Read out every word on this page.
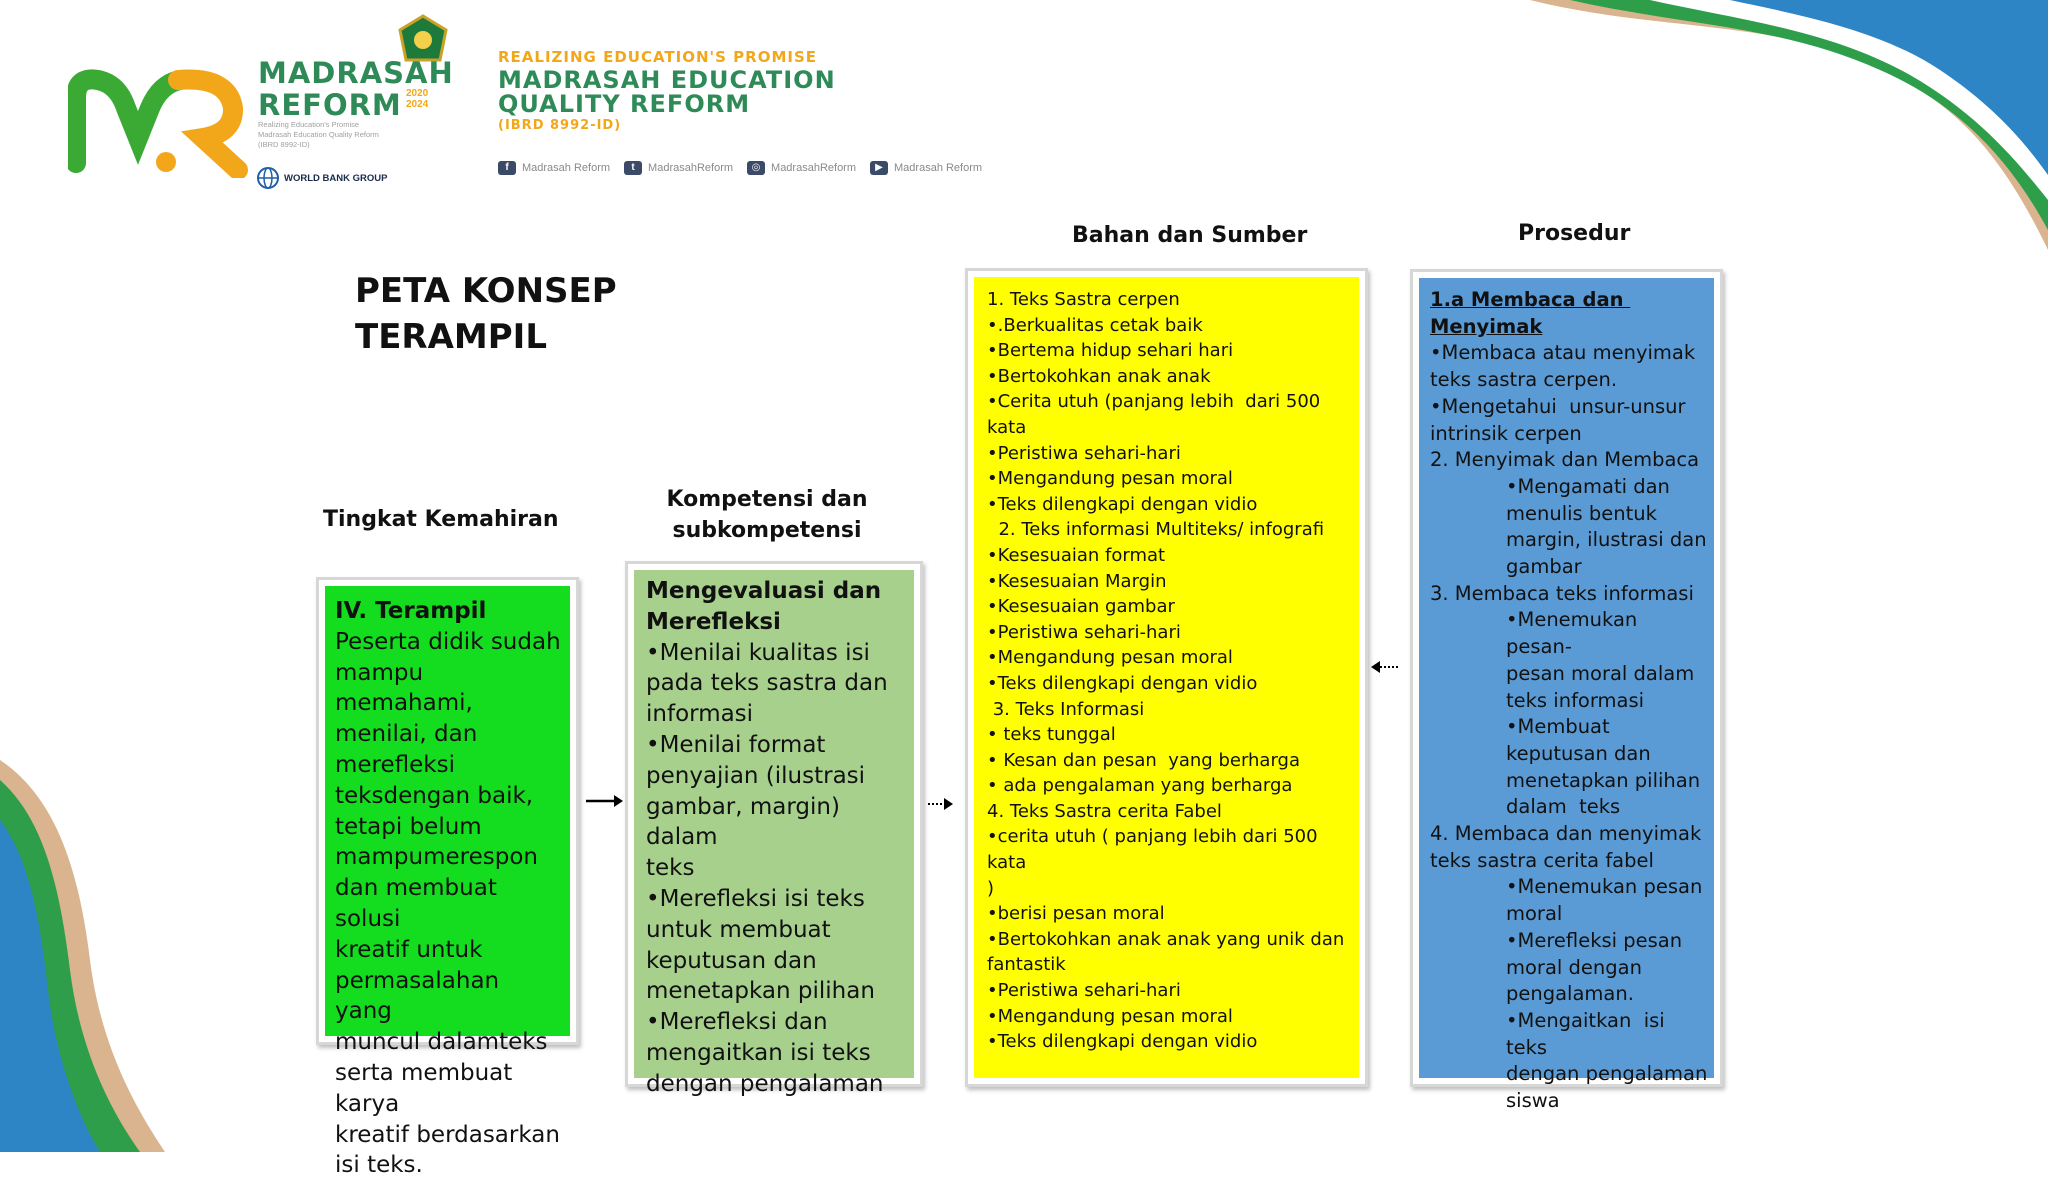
MADRASAH
REFORM 2020
2024
Realizing Education's Promise
Madrasah Education Quality Reform
(IBRD 8992-ID)
WORLD BANK GROUP
REALIZING EDUCATION'S PROMISE
MADRASAH EDUCATION
QUALITY REFORM
(IBRD 8992-ID)
f	Madrasah Reform	t	MadrasahReform	◎ MadrasahReform	▶	Madrasah Reform
PETA KONSEP
TERAMPIL
Tingkat Kemahiran
Kompetensi dan
subkompetensi
Bahan dan Sumber	Prosedur
IV. Terampil
Peserta didik sudah
mampu memahami,
menilai, dan
merefleksi
teksdengan baik,
tetapi belum
mampumerespon
dan membuat solusi
kreatif untuk
permasalahan yang
muncul dalamteks
serta membuat karya
kreatif berdasarkan
isi teks.
Mengevaluasi dan
Merefleksi
•Menilai kualitas isi
pada teks sastra dan
informasi
•Menilai format
penyajian (ilustrasi
gambar, margin) dalam
teks
•Merefleksi isi teks
untuk membuat
keputusan dan
menetapkan pilihan
•Merefleksi dan
mengaitkan isi teks
dengan pengalaman
1. Teks Sastra cerpen
•.Berkualitas cetak baik
•Bertema hidup sehari hari
•Bertokohkan anak anak
•Cerita utuh (panjang lebih  dari 500 kata
•Peristiwa sehari-hari
•Mengandung pesan moral
•Teks dilengkapi dengan vidio
2. Teks informasi Multiteks/ infografi
•Kesesuaian format
•Kesesuaian Margin
•Kesesuaian gambar
•Peristiwa sehari-hari
•Mengandung pesan moral
•Teks dilengkapi dengan vidio
3. Teks Informasi
• teks tunggal
• Kesan dan pesan  yang berharga
• ada pengalaman yang berharga
4. Teks Sastra cerita Fabel
•cerita utuh ( panjang lebih dari 500 kata
)
•berisi pesan moral
•Bertokohkan anak anak yang unik dan
fantastik
•Peristiwa sehari-hari
•Mengandung pesan moral
•Teks dilengkapi dengan vidio
1.a Membaca dan Menyimak
•Membaca atau menyimak
teks sastra cerpen.
•Mengetahui  unsur-unsur
intrinsik cerpen
2. Menyimak dan Membaca
•Mengamati dan
menulis bentuk
margin, ilustrasi dan
gambar
3. Membaca teks informasi
•Menemukan pesan-
pesan moral dalam
teks informasi
•Membuat
keputusan dan
menetapkan pilihan
dalam  teks
4. Membaca dan menyimak
teks sastra cerita fabel
•Menemukan pesan
moral
•Merefleksi pesan
moral dengan
pengalaman.
•Mengaitkan  isi teks
dengan pengalaman
siswa
